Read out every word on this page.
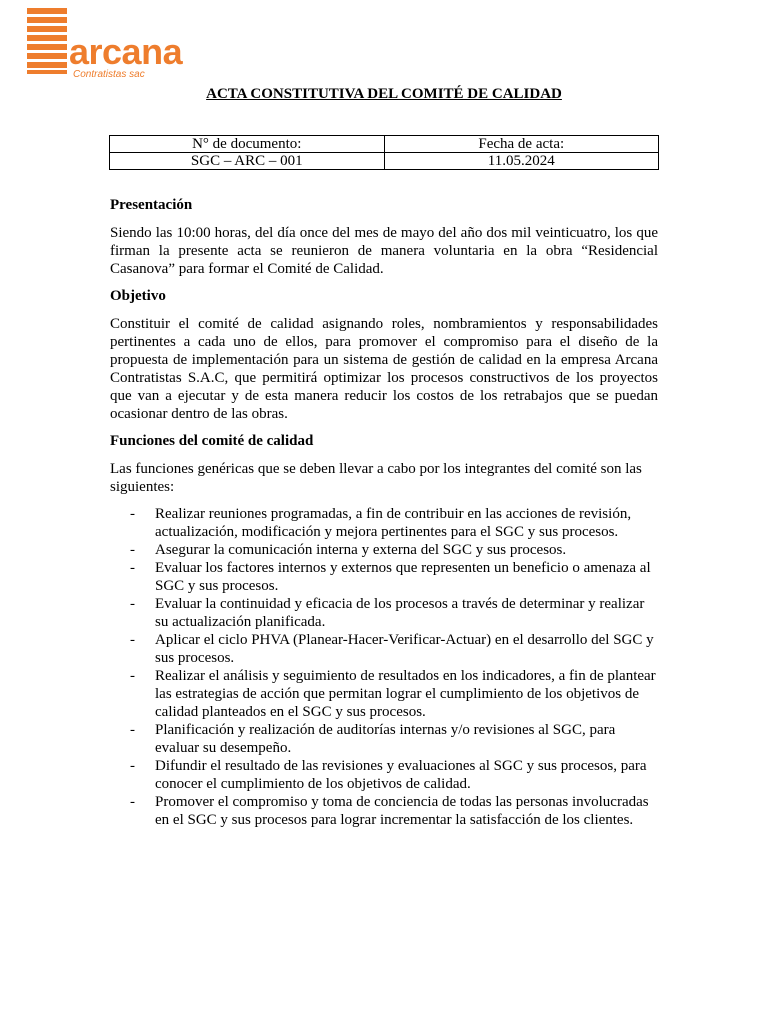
arcana
Contratistas sac
ACTA CONSTITUTIVA DEL COMITÉ DE CALIDAD
N° de documento:	Fecha de acta:
SGC – ARC – 001	11.05.2024
Presentación

Siendo las 10:00 horas, del día once del mes de mayo del año dos mil veinticuatro, los que firman la presente acta se reunieron de manera voluntaria en la obra “Residencial Casanova” para formar el Comité de Calidad.

Objetivo

Constituir el comité de calidad asignando roles, nombramientos y responsabilidades pertinentes a cada uno de ellos, para promover el compromiso para el diseño de la propuesta de implementación para un sistema de gestión de calidad en la empresa Arcana Contratistas S.A.C, que permitirá optimizar los procesos constructivos de los proyectos que van a ejecutar y de esta manera reducir los costos de los retrabajos que se puedan ocasionar dentro de las obras.

Funciones del comité de calidad

Las funciones genéricas que se deben llevar a cabo por los integrantes del comité son las siguientes:

- Realizar reuniones programadas, a fin de contribuir en las acciones de revisión, actualización, modificación y mejora pertinentes para el SGC y sus procesos.
- Asegurar la comunicación interna y externa del SGC y sus procesos.
- Evaluar los factores internos y externos que representen un beneficio o amenaza al SGC y sus procesos.
- Evaluar la continuidad y eficacia de los procesos a través de determinar y realizar su actualización planificada.
- Aplicar el ciclo PHVA (Planear-Hacer-Verificar-Actuar) en el desarrollo del SGC y sus procesos.
- Realizar el análisis y seguimiento de resultados en los indicadores, a fin de plantear las estrategias de acción que permitan lograr el cumplimiento de los objetivos de calidad planteados en el SGC y sus procesos.
- Planificación y realización de auditorías internas y/o revisiones al SGC, para evaluar su desempeño.
- Difundir el resultado de las revisiones y evaluaciones al SGC y sus procesos, para conocer el cumplimiento de los objetivos de calidad.
- Promover el compromiso y toma de conciencia de todas las personas involucradas en el SGC y sus procesos para lograr incrementar la satisfacción de los clientes.
